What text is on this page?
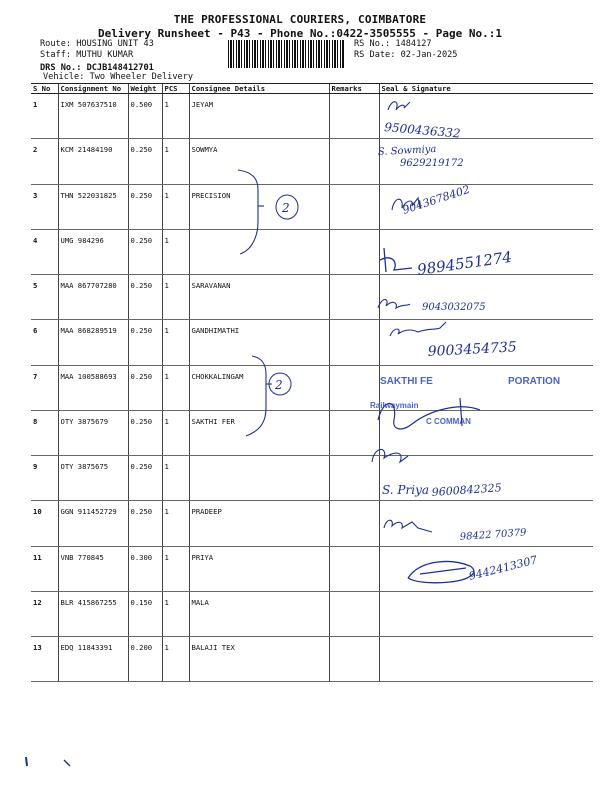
THE PROFESSIONAL COURIERS, COIMBATORE
Delivery Runsheet - P43 - Phone No.:0422-3505555 - Page No.:1
Route: HOUSING UNIT 43
Staff: MUTHU KUMAR
DRS No.: DCJB148412701
Vehicle: Two Wheeler Delivery
RS No.: 1484127
RS Date: 02-Jan-2025
S No	Consignment No	Weight	PCS	Consignee Details	Remarks	Seal & Signature
1	IXM 507637510	0.500	1	JEYAM		
2	KCM 21484190	0.250	1	SOWMYA		
3	THN 522031825	0.250	1	PRECISION		
4	UMG 984296	0.250	1			
5	MAA 867707280	0.250	1	SARAVANAN		
6	MAA 868289519	0.250	1	GANDHIMATHI		
7	MAA 100588693	0.250	1	CHOKKALINGAM		
8	OTY 3875679	0.250	1	SAKTHI FER		
9	OTY 3875675	0.250	1			
10	GGN 911452729	0.250	1	PRADEEP		
11	VNB 770845	0.300	1	PRIYA		
12	BLR 415867255	0.150	1	MALA		
13	EDQ 11843391	0.200	1	BALAJI TEX		
2
2
9500436332
S. Sowmiya
9629219172
9043678402
9894551274
9043032075
9003454735
SAKTHI FE	PORATION
Railwaymain
C COMMAN
S. Priya 9600842325
98422 70379
9442413307
